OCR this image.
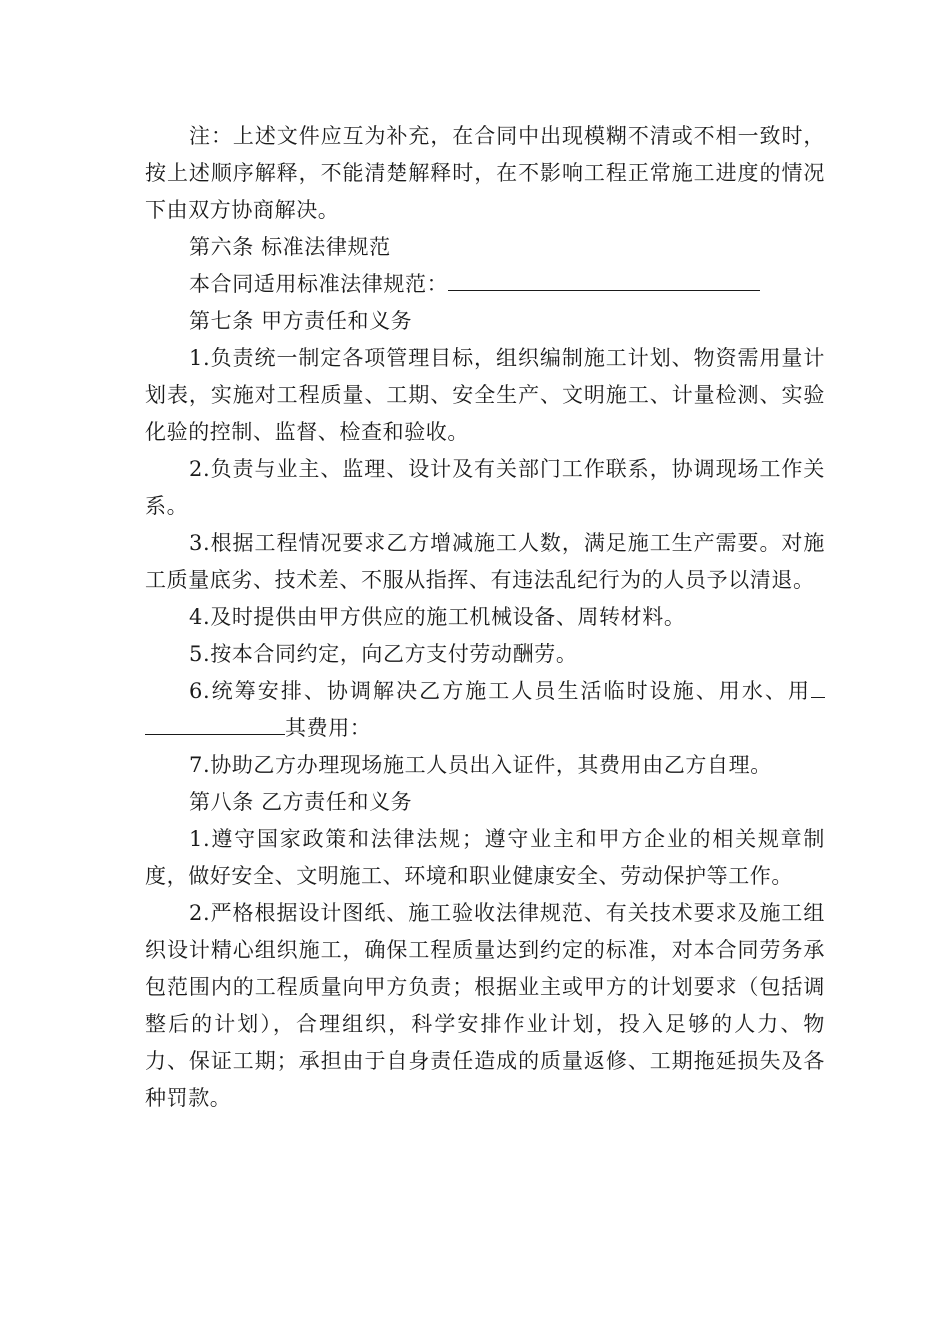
注：上述文件应互为补充，在合同中出现模糊不清或不相一致时，按上述顺序解释，不能清楚解释时，在不影响工程正常施工进度的情况下由双方协商解决。

第六条 标准法律规范

本合同适用标准法律规范：

第七条 甲方责任和义务

1.负责统一制定各项管理目标，组织编制施工计划、物资需用量计划表，实施对工程质量、工期、安全生产、文明施工、计量检测、实验化验的控制、监督、检查和验收。

2.负责与业主、监理、设计及有关部门工作联系，协调现场工作关系。

3.根据工程情况要求乙方增减施工人数，满足施工生产需要。对施工质量底劣、技术差、不服从指挥、有违法乱纪行为的人员予以清退。

4.及时提供由甲方供应的施工机械设备、周转材料。

5.按本合同约定，向乙方支付劳动酬劳。

6.统筹安排、协调解决乙方施工人员生活临时设施、用水、用其费用：

7.协助乙方办理现场施工人员出入证件，其费用由乙方自理。

第八条 乙方责任和义务

1.遵守国家政策和法律法规；遵守业主和甲方企业的相关规章制度，做好安全、文明施工、环境和职业健康安全、劳动保护等工作。

2.严格根据设计图纸、施工验收法律规范、有关技术要求及施工组织设计精心组织施工，确保工程质量达到约定的标准，对本合同劳务承包范围内的工程质量向甲方负责；根据业主或甲方的计划要求（包括调整后的计划），合理组织，科学安排作业计划，投入足够的人力、物力、保证工期；承担由于自身责任造成的质量返修、工期拖延损失及各种罚款。
